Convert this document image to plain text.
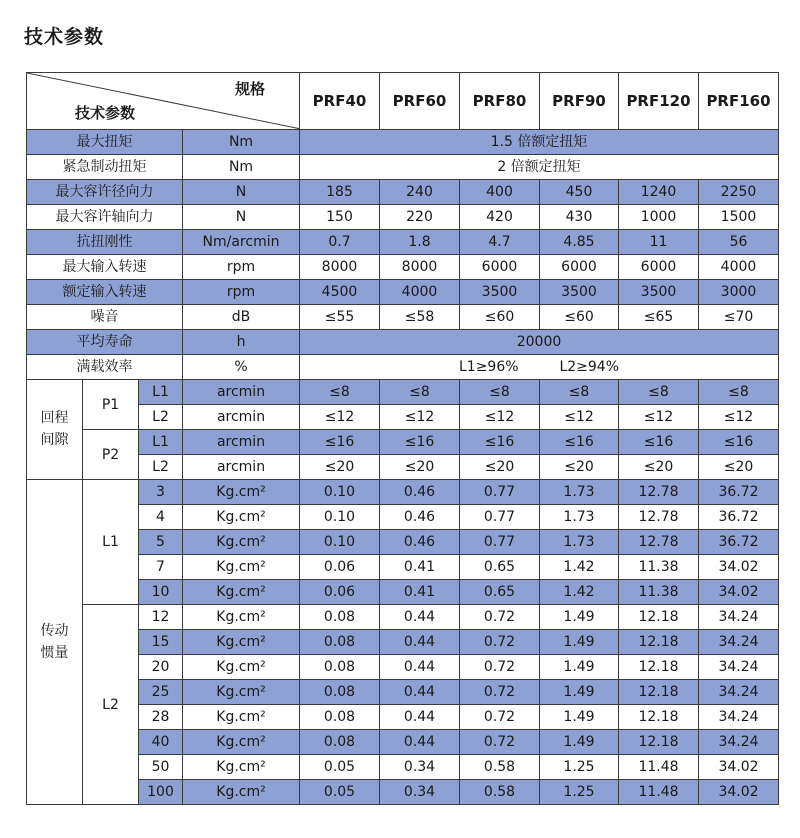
技术参数
规格
技术参数				PRF40	PRF60	PRF80	PRF90	PRF120	PRF160
最大扭矩			Nm	1.5 倍额定扭矩					
紧急制动扭矩			Nm	2 倍额定扭矩					
最大容许径向力			N	185	240	400	450	1240	2250
最大容许轴向力			N	150	220	420	430	1000	1500
抗扭刚性			Nm/arcmin	0.7	1.8	4.7	4.85	11	56
最大输入转速			rpm	8000	8000	6000	6000	6000	4000
额定输入转速			rpm	4500	4000	3500	3500	3500	3000
噪音			dB	≤55	≤58	≤60	≤60	≤65	≤70
平均寿命			h	20000					
满载效率			%	L1≥96% L2≥94%					
回程间隙	P1	L1	arcmin	≤8	≤8	≤8	≤8	≤8	≤8
		L2	arcmin	≤12	≤12	≤12	≤12	≤12	≤12
	P2	L1	arcmin	≤16	≤16	≤16	≤16	≤16	≤16
		L2	arcmin	≤20	≤20	≤20	≤20	≤20	≤20
传动惯量	L1	3	Kg.cm²	0.10	0.46	0.77	1.73	12.78	36.72
		4	Kg.cm²	0.10	0.46	0.77	1.73	12.78	36.72
		5	Kg.cm²	0.10	0.46	0.77	1.73	12.78	36.72
		7	Kg.cm²	0.06	0.41	0.65	1.42	11.38	34.02
		10	Kg.cm²	0.06	0.41	0.65	1.42	11.38	34.02
	L2	12	Kg.cm²	0.08	0.44	0.72	1.49	12.18	34.24
		15	Kg.cm²	0.08	0.44	0.72	1.49	12.18	34.24
		20	Kg.cm²	0.08	0.44	0.72	1.49	12.18	34.24
		25	Kg.cm²	0.08	0.44	0.72	1.49	12.18	34.24
		28	Kg.cm²	0.08	0.44	0.72	1.49	12.18	34.24
		40	Kg.cm²	0.08	0.44	0.72	1.49	12.18	34.24
		50	Kg.cm²	0.05	0.34	0.58	1.25	11.48	34.02
		100	Kg.cm²	0.05	0.34	0.58	1.25	11.48	34.02
